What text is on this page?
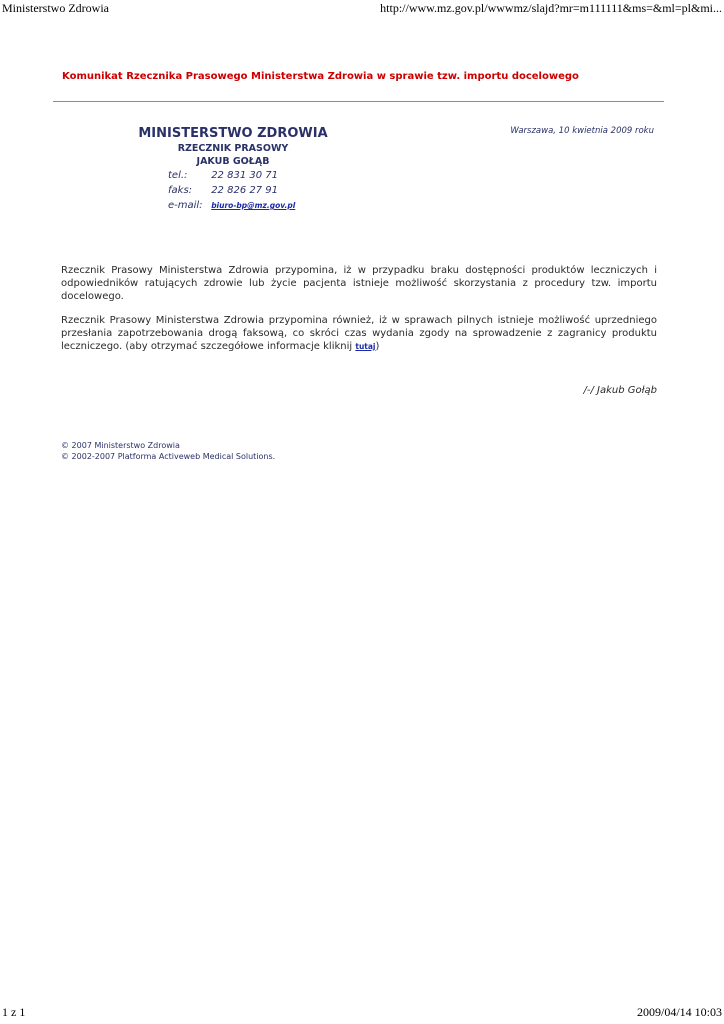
Ministerstwo Zdrowia	http://www.mz.gov.pl/wwwmz/slajd?mr=m111111&ms=&ml=pl&mi...
Komunikat Rzecznika Prasowego Ministerstwa Zdrowia w sprawie tzw. importu docelowego
MINISTERSTWO ZDROWIA
RZECZNIK PRASOWY
JAKUB GOŁĄB
Warszawa, 10 kwietnia 2009 roku
tel.: 22 831 30 71
faks: 22 826 27 91
e-mail: biuro-bp@mz.gov.pl
Rzecznik Prasowy Ministerstwa Zdrowia przypomina, iż w przypadku braku dostępności produktów leczniczych i odpowiedników ratujących zdrowie lub życie pacjenta istnieje możliwość skorzystania z procedury tzw. importu docelowego.
Rzecznik Prasowy Ministerstwa Zdrowia przypomina również, iż w sprawach pilnych istnieje możliwość uprzedniego przesłania zapotrzebowania drogą faksową, co skróci czas wydania zgody na sprowadzenie z zagranicy produktu leczniczego. (aby otrzymać szczegółowe informacje kliknij tutaj)
/-/ Jakub Gołąb
© 2007 Ministerstwo Zdrowia
© 2002-2007 Platforma Activeweb Medical Solutions.
1 z 1	2009/04/14 10:03
